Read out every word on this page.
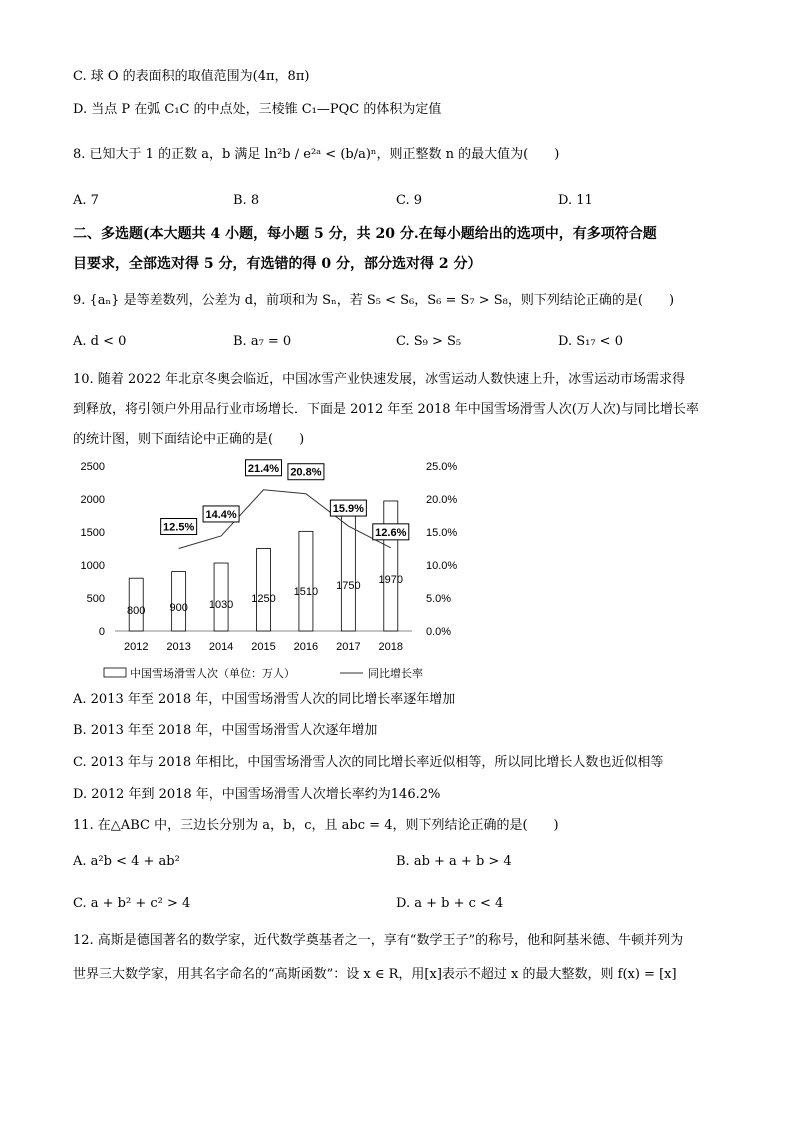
C. 球 O 的表面积的取值范围为(4π，8π)
D. 当点 P 在弧 C₁C 的中点处，三棱锥 C₁—PQC 的体积为定值
8. 已知大于 1 的正数 a，b 满足 ln²b / e²ᵃ < (b/a)ⁿ，则正整数 n 的最大值为(　　)
A. 7	B. 8	C. 9	D. 11
二、多选题(本大题共 4 小题，每小题 5 分，共 20 分.在每小题给出的选项中，有多项符合题
目要求，全部选对得 5 分，有选错的得 0 分，部分选对得 2 分）
9. {aₙ} 是等差数列，公差为 d，前项和为 Sₙ，若 S₅ < S₆，S₆ = S₇ > S₈，则下列结论正确的是(　　)
A. d < 0	B. a₇ = 0	C. S₉ > S₅	D. S₁₇ < 0
10. 随着 2022 年北京冬奥会临近，中国冰雪产业快速发展，冰雪运动人数快速上升，冰雪运动市场需求得
到释放，将引领户外用品行业市场增长．下面是 2012 年至 2018 年中国雪场滑雪人次(万人次)与同比增长率
的统计图，则下面结论中正确的是(　　)
0
500
1000
1500
2000
2500
0.0%
5.0%
10.0%
15.0%
20.0%
25.0%
800 900 1030 1250
1510
1750 1970
12.5%
14.4%
21.4% 20.8%
15.9%
12.6%
2012 2013 2014 2015 2016 2017 2018
中国雪场滑雪人次（单位：万人）	同比增长率
A. 2013 年至 2018 年，中国雪场滑雪人次的同比增长率逐年增加
B. 2013 年至 2018 年，中国雪场滑雪人次逐年增加
C. 2013 年与 2018 年相比，中国雪场滑雪人次的同比增长率近似相等，所以同比增长人数也近似相等
D. 2012 年到 2018 年，中国雪场滑雪人次增长率约为146.2%
11. 在△ABC 中，三边长分别为 a，b，c，且 abc = 4，则下列结论正确的是(　　)
A. a²b < 4 + ab²	B. ab + a + b > 4
C. a + b² + c² > 4	D. a + b + c < 4
12. 高斯是德国著名的数学家，近代数学奠基者之一，享有“数学王子”的称号，他和阿基米德、牛顿并列为
世界三大数学家，用其名字命名的“高斯函数”：设 x ∈ R，用[x]表示不超过 x 的最大整数，则 f(x) = [x]
